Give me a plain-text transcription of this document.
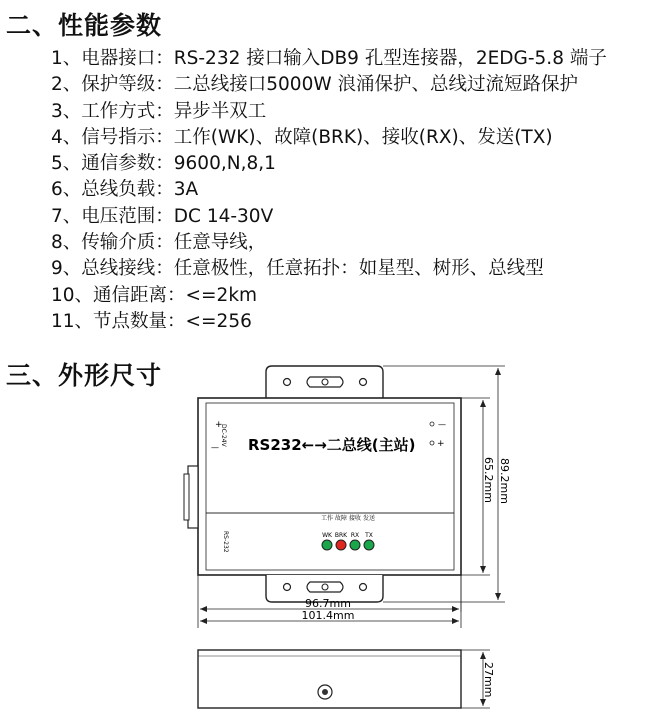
二、性能参数
1、电器接口：RS-232 接口输入DB9 孔型连接器，2EDG-5.8 端子
2、保护等级：二总线接口5000W 浪涌保护、总线过流短路保护
3、工作方式：异步半双工
4、信号指示：工作(WK)、故障(BRK)、接收(RX)、发送(TX)
5、通信参数：9600,N,8,1
6、总线负载：3A
7、电压范围：DC 14-30V
8、传输介质：任意导线，
9、总线接线：任意极性，任意拓扑：如星型、树形、总线型
10、通信距离：<=2km
11、节点数量：<=256
三、外形尺寸
+
—
DC-24V	—
+
RS232←→二总线(主站)
RS-232
工作 故障 接收 发送
WK BRK RX TX
65.2mm 89.2mm
96.7mm
101.4mm
27mm
